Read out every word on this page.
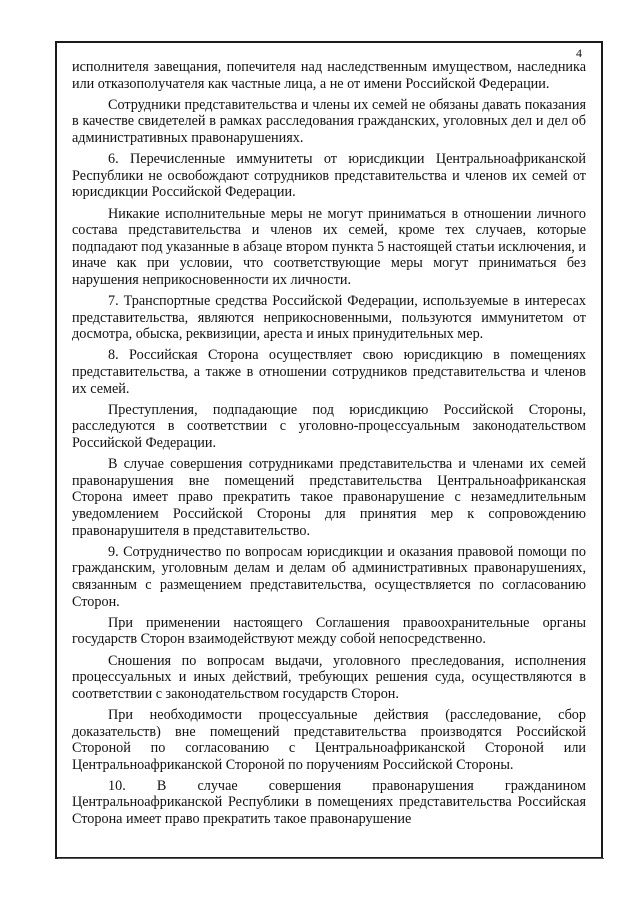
4

исполнителя завещания, попечителя над наследственным имуществом, наследника или отказополучателя как частные лица, а не от имени Российской Федерации.

Сотрудники представительства и члены их семей не обязаны давать показания в качестве свидетелей в рамках расследования гражданских, уголовных дел и дел об административных правонарушениях.

6. Перечисленные иммунитеты от юрисдикции Центральноафриканской Республики не освобождают сотрудников представительства и членов их семей от юрисдикции Российской Федерации.

Никакие исполнительные меры не могут приниматься в отношении личного состава представительства и членов их семей, кроме тех случаев, которые подпадают под указанные в абзаце втором пункта 5 настоящей статьи исключения, и иначе как при условии, что соответствующие меры могут приниматься без нарушения неприкосновенности их личности.

7. Транспортные средства Российской Федерации, используемые в интересах представительства, являются неприкосновенными, пользуются иммунитетом от досмотра, обыска, реквизиции, ареста и иных принудительных мер.

8. Российская Сторона осуществляет свою юрисдикцию в помещениях представительства, а также в отношении сотрудников представительства и членов их семей.

Преступления, подпадающие под юрисдикцию Российской Стороны, расследуются в соответствии с уголовно-процессуальным законодательством Российской Федерации.

В случае совершения сотрудниками представительства и членами их семей правонарушения вне помещений представительства Центральноафриканская Сторона имеет право прекратить такое правонарушение с незамедлительным уведомлением Российской Стороны для принятия мер к сопровождению правонарушителя в представительство.

9. Сотрудничество по вопросам юрисдикции и оказания правовой помощи по гражданским, уголовным делам и делам об административных правонарушениях, связанным с размещением представительства, осуществляется по согласованию Сторон.

При применении настоящего Соглашения правоохранительные органы государств Сторон взаимодействуют между собой непосредственно.

Сношения по вопросам выдачи, уголовного преследования, исполнения процессуальных и иных действий, требующих решения суда, осуществляются в соответствии с законодательством государств Сторон.

При необходимости процессуальные действия (расследование, сбор доказательств) вне помещений представительства производятся Российской Стороной по согласованию с Центральноафриканской Стороной или Центральноафриканской Стороной по поручениям Российской Стороны.

10. В случае совершения правонарушения гражданином Центральноафриканской Республики в помещениях представительства Российская Сторона имеет право прекратить такое правонарушение
